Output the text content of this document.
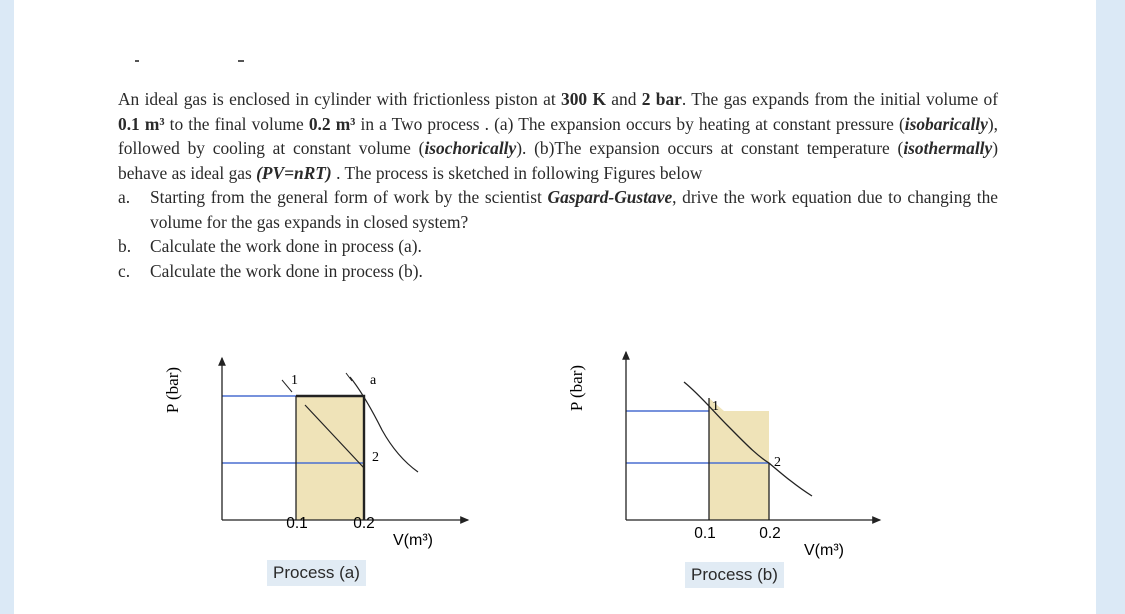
An ideal gas is enclosed in cylinder with frictionless piston at 300 K and 2 bar. The gas expands from the initial volume of 0.1 m³ to the final volume 0.2 m³ in a Two process . (a) The expansion occurs by heating at constant pressure (isobarically), followed by cooling at constant volume (isochorically). (b)The expansion occurs at constant temperature (isothermally) behave as ideal gas (PV=nRT) . The process is sketched in following Figures below

a. Starting from the general form of work by the scientist Gaspard-Gustave, drive the work equation due to changing the volume for the gas expands in closed system?
b. Calculate the work done in process (a).
c. Calculate the work done in process (b).
P (bar)	1	a
2
0.1	0.2
V(m³)
P (bar)	1
2
0.1	0.2
V(m³)
Process (a)	Process (b)
